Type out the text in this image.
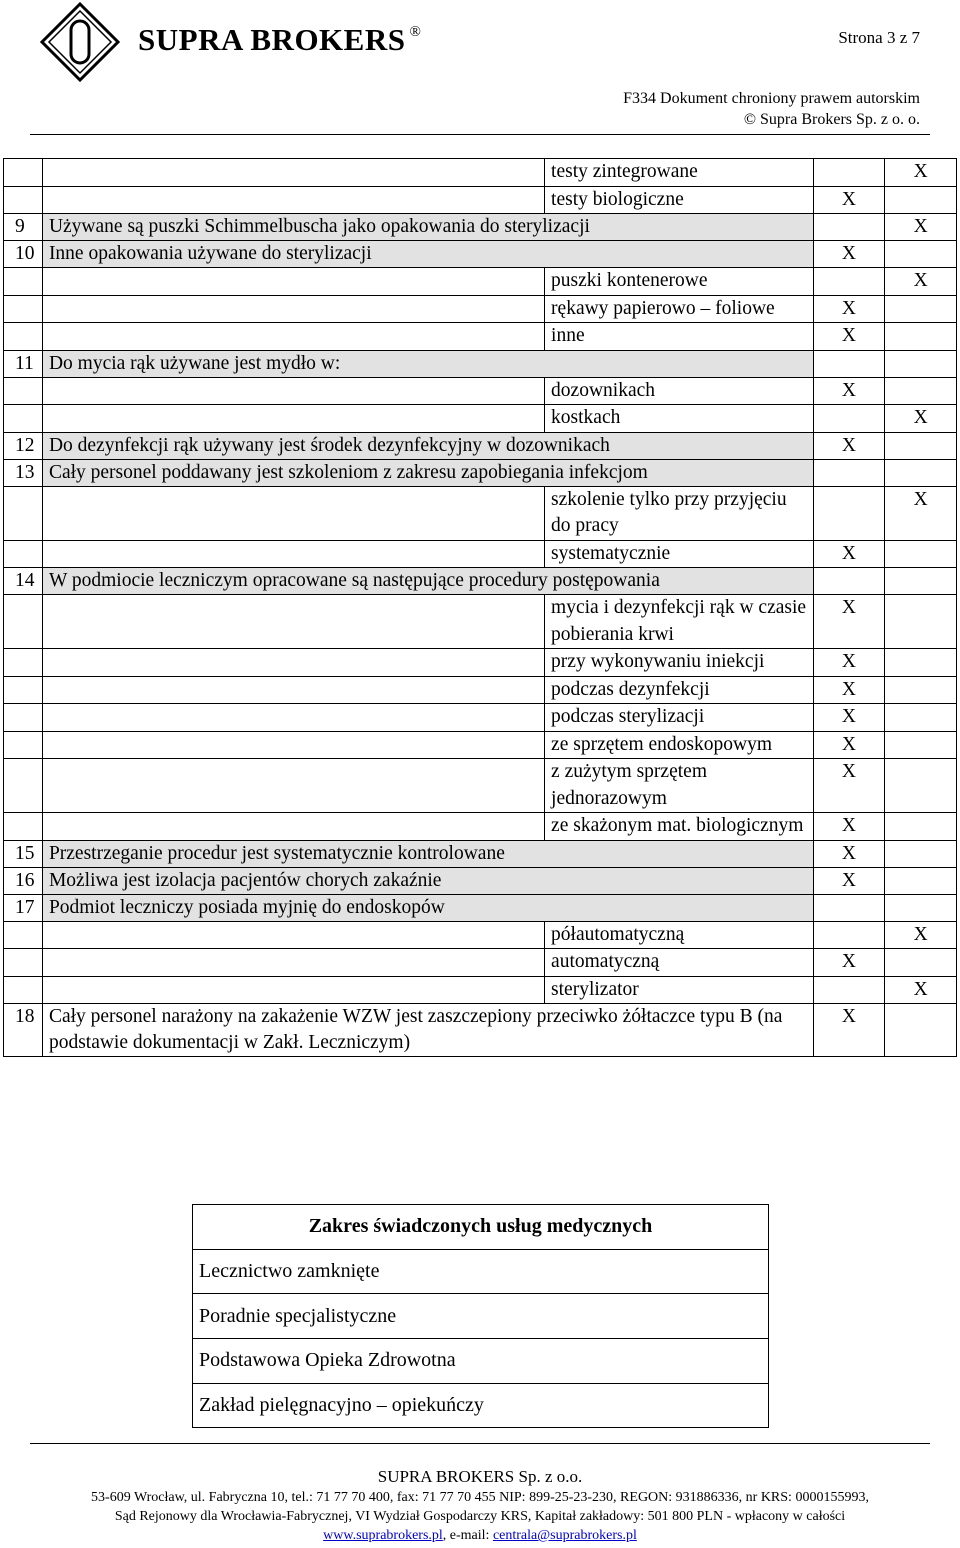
SUPRA BROKERS ®	Strona 3 z 7
F334 Dokument chroniony prawem autorskim
© Supra Brokers Sp. z o. o.
		testy zintegrowane		X
		testy biologiczne	X	
9	Używane są puszki Schimmelbuscha jako opakowania do sterylizacji			X
10	Inne opakowania używane do sterylizacji		X	
		puszki kontenerowe		X
		rękawy papierowo – foliowe	X	
		inne	X	
11	Do mycia rąk używane jest mydło w:			
		dozownikach	X	
		kostkach		X
12	Do dezynfekcji rąk używany jest środek dezynfekcyjny w dozownikach		X	
13	Cały personel poddawany jest szkoleniom z zakresu zapobiegania infekcjom			
		szkolenie tylko przy przyjęciu do pracy		X
		systematycznie	X	
14	W podmiocie leczniczym opracowane są następujące procedury postępowania			
		mycia i dezynfekcji rąk w czasie pobierania krwi	X	
		przy wykonywaniu iniekcji	X	
		podczas dezynfekcji	X	
		podczas sterylizacji	X	
		ze sprzętem endoskopowym	X	
		z zużytym sprzętem jednorazowym	X	
		ze skażonym mat. biologicznym	X	
15	Przestrzeganie procedur jest systematycznie kontrolowane		X	
16	Możliwa jest izolacja pacjentów chorych zakaźnie		X	
17	Podmiot leczniczy posiada myjnię do endoskopów			
		półautomatyczną		X
		automatyczną	X	
		sterylizator		X
18	Cały personel narażony na zakażenie WZW jest zaszczepiony przeciwko żółtaczce typu B (na podstawie dokumentacji w Zakł. Leczniczym)		X	
Zakres świadczonych usług medycznych
Lecznictwo zamknięte
Poradnie specjalistyczne
Podstawowa Opieka Zdrowotna
Zakład pielęgnacyjno – opiekuńczy
SUPRA BROKERS Sp. z o.o.
53-609 Wrocław, ul. Fabryczna 10, tel.: 71 77 70 400, fax: 71 77 70 455 NIP: 899-25-23-230, REGON: 931886336, nr KRS: 0000155993,
Sąd Rejonowy dla Wrocławia-Fabrycznej, VI Wydział Gospodarczy KRS, Kapitał zakładowy: 501 800 PLN - wpłacony w całości
www.suprabrokers.pl, e-mail: centrala@suprabrokers.pl
